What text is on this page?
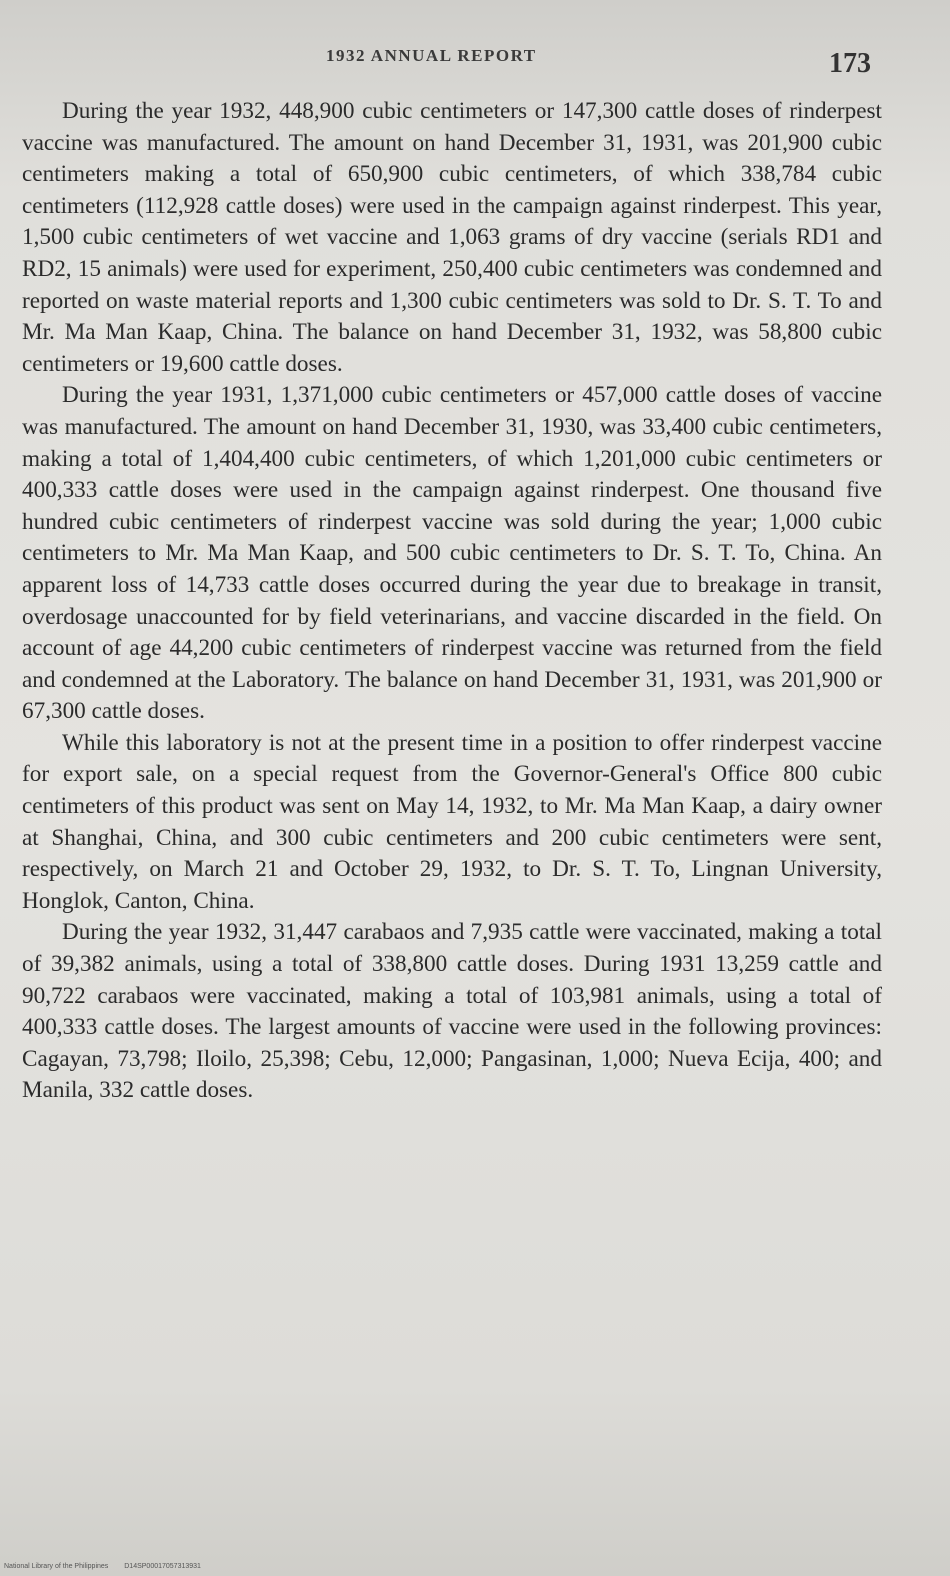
1932 ANNUAL REPORT	173

During the year 1932, 448,900 cubic centimeters or 147,300 cattle doses of rinderpest vaccine was manufactured. The amount on hand December 31, 1931, was 201,900 cubic centimeters making a total of 650,900 cubic centimeters, of which 338,784 cubic centimeters (112,928 cattle doses) were used in the campaign against rinderpest. This year, 1,500 cubic centimeters of wet vaccine and 1,063 grams of dry vaccine (serials RD1 and RD2, 15 animals) were used for experiment, 250,400 cubic centimeters was condemned and reported on waste material reports and 1,300 cubic centimeters was sold to Dr. S. T. To and Mr. Ma Man Kaap, China. The balance on hand December 31, 1932, was 58,800 cubic centimeters or 19,600 cattle doses.

During the year 1931, 1,371,000 cubic centimeters or 457,000 cattle doses of vaccine was manufactured. The amount on hand December 31, 1930, was 33,400 cubic centimeters, making a total of 1,404,400 cubic centimeters, of which 1,201,000 cubic centimeters or 400,333 cattle doses were used in the campaign against rinderpest. One thousand five hundred cubic centimeters of rinderpest vaccine was sold during the year; 1,000 cubic centimeters to Mr. Ma Man Kaap, and 500 cubic centimeters to Dr. S. T. To, China. An apparent loss of 14,733 cattle doses occurred during the year due to breakage in transit, overdosage unaccounted for by field veterinarians, and vaccine discarded in the field. On account of age 44,200 cubic centimeters of rinderpest vaccine was returned from the field and condemned at the Laboratory. The balance on hand December 31, 1931, was 201,900 or 67,300 cattle doses.

While this laboratory is not at the present time in a position to offer rinderpest vaccine for export sale, on a special request from the Governor-General's Office 800 cubic centimeters of this product was sent on May 14, 1932, to Mr. Ma Man Kaap, a dairy owner at Shanghai, China, and 300 cubic centimeters and 200 cubic centimeters were sent, respectively, on March 21 and October 29, 1932, to Dr. S. T. To, Lingnan University, Honglok, Canton, China.

During the year 1932, 31,447 carabaos and 7,935 cattle were vaccinated, making a total of 39,382 animals, using a total of 338,800 cattle doses. During 1931 13,259 cattle and 90,722 carabaos were vaccinated, making a total of 103,981 animals, using a total of 400,333 cattle doses. The largest amounts of vaccine were used in the following provinces: Cagayan, 73,798; Iloilo, 25,398; Cebu, 12,000; Pangasinan, 1,000; Nueva Ecija, 400; and Manila, 332 cattle doses.

National Library of the Philippines D14SP00017057313931
